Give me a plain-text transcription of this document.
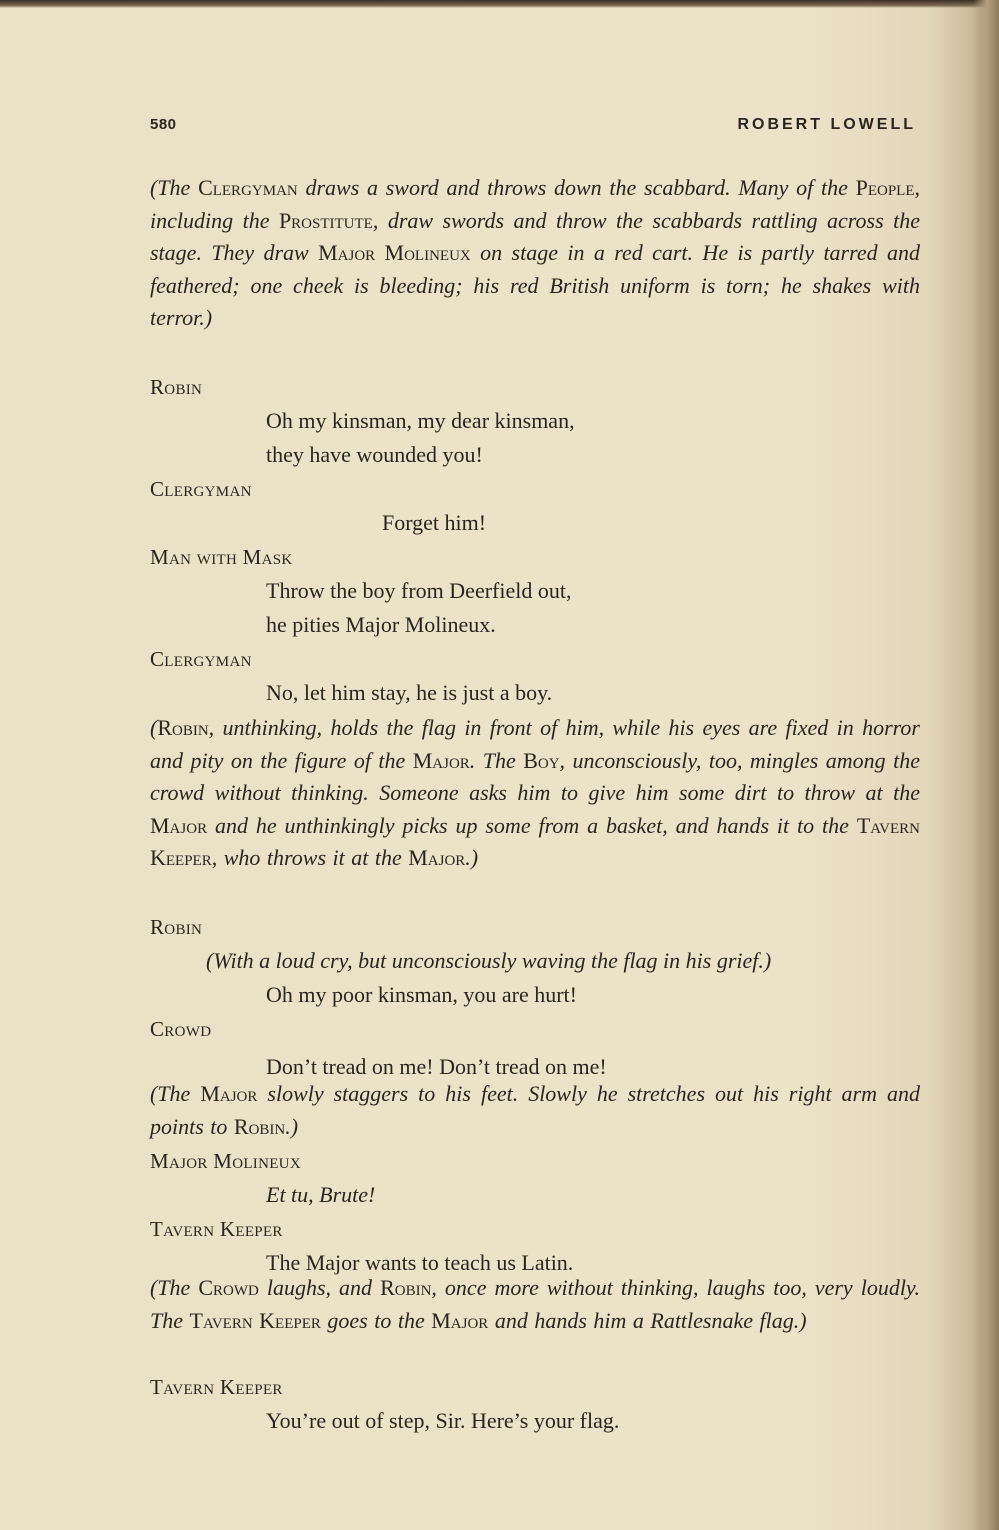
580	ROBERT LOWELL

(The Clergyman draws a sword and throws down the scabbard. Many of the People, including the Prostitute, draw swords and throw the scabbards rattling across the stage. They draw Major Molineux on stage in a red cart. He is partly tarred and feathered; one cheek is bleeding; his red British uniform is torn; he shakes with terror.)

Robin

Oh my kinsman, my dear kinsman,

they have wounded you!

Clergyman

Forget him!

Man with Mask

Throw the boy from Deerfield out,

he pities Major Molineux.

Clergyman

No, let him stay, he is just a boy.

(Robin, unthinking, holds the flag in front of him, while his eyes are fixed in horror and pity on the figure of the Major. The Boy, unconsciously, too, mingles among the crowd without thinking. Someone asks him to give him some dirt to throw at the Major and he unthinkingly picks up some from a basket, and hands it to the Tavern Keeper, who throws it at the Major.)

Robin

(With a loud cry, but unconsciously waving the flag in his grief.)

Oh my poor kinsman, you are hurt!

Crowd

Don’t tread on me! Don’t tread on me!

(The Major slowly staggers to his feet. Slowly he stretches out his right arm and points to Robin.)

Major Molineux

Et tu, Brute!

Tavern Keeper

The Major wants to teach us Latin.

(The Crowd laughs, and Robin, once more without thinking, laughs too, very loudly. The Tavern Keeper goes to the Major and hands him a Rattlesnake flag.)

Tavern Keeper

You’re out of step, Sir. Here’s your flag.
